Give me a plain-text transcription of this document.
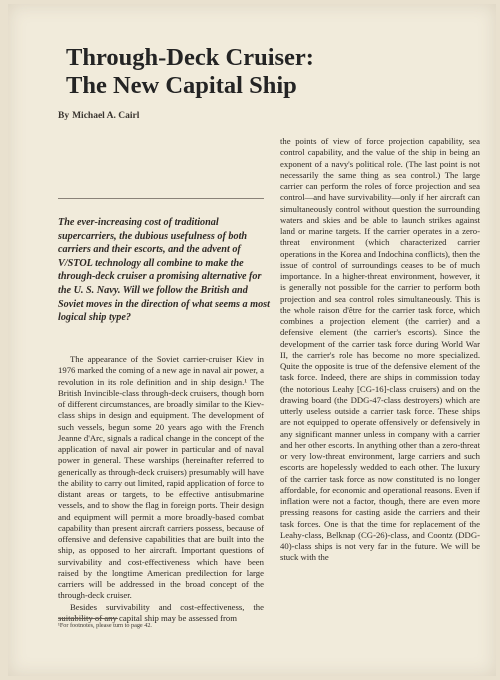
Through-Deck Cruiser:
The New Capital Ship
By Michael A. Cairl

The ever-increasing cost of traditional supercarriers, the dubious usefulness of both carriers and their escorts, and the advent of V/STOL technology all combine to make the through-deck cruiser a promising alternative for the U. S. Navy. Will we follow the British and Soviet moves in the direction of what seems a most logical ship type?

The appearance of the Soviet carrier-cruiser Kiev in 1976 marked the coming of a new age in naval air power, a revolution in its role definition and in ship design.¹ The British Invincible-class through-deck cruisers, though born of different circumstances, are broadly similar to the Kiev-class ships in design and equipment. The development of such vessels, begun some 20 years ago with the French Jeanne d'Arc, signals a radical change in the concept of the application of naval air power in particular and of naval power in general. These warships (hereinafter referred to generically as through-deck cruisers) presumably will have the ability to carry out limited, rapid application of force to distant areas or targets, to be effective antisubmarine vessels, and to show the flag in foreign ports. Their design and equipment will permit a more broadly-based combat capability than present aircraft carriers possess, because of offensive and defensive capabilities that are built into the ship, as opposed to her aircraft. Important questions of survivability and cost-effectiveness which have been raised by the longtime American predilection for large carriers will be addressed in the broad concept of the through-deck cruiser.

Besides survivability and cost-effectiveness, the suitability of any capital ship may be assessed from

the points of view of force projection capability, sea control capability, and the value of the ship in being an exponent of a navy's political role. (The last point is not necessarily the same thing as sea control.) The large carrier can perform the roles of force projection and sea control—and have survivability—only if her aircraft can simultaneously control without question the surrounding waters and skies and be able to launch strikes against land or marine targets. If the carrier operates in a zero-threat environment (which characterized carrier operations in the Korea and Indochina conflicts), then the issue of control of surroundings ceases to be of much importance. In a higher-threat environment, however, it is generally not possible for the carrier to perform both projection and sea control roles simultaneously. This is the whole raison d'être for the carrier task force, which combines a projection element (the carrier) and a defensive element (the carrier's escorts). Since the development of the carrier task force during World War II, the carrier's role has become no more specialized. Quite the opposite is true of the defensive element of the task force. Indeed, there are ships in commission today (the notorious Leahy [CG-16]-class cruisers) and on the drawing board (the DDG-47-class destroyers) which are utterly useless outside a carrier task force. These ships are not equipped to operate offensively or defensively in any significant manner unless in company with a carrier and her other escorts. In anything other than a zero-threat or very low-threat environment, large carriers and such escorts are hopelessly wedded to each other. The luxury of the carrier task force as now constituted is no longer affordable, for economic and operational reasons. Even if inflation were not a factor, though, there are even more pressing reasons for casting aside the carriers and their task forces. One is that the time for replacement of the Leahy-class, Belknap (CG-26)-class, and Coontz (DDG-40)-class ships is not very far in the future. We will be stuck with the

¹For footnotes, please turn to page 42.
